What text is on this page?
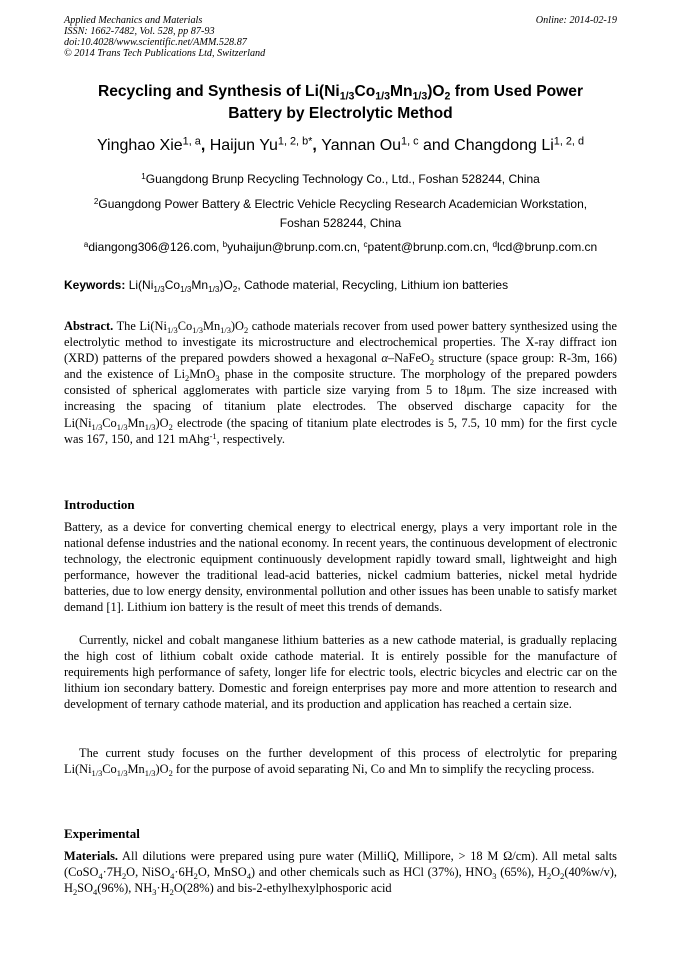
Applied Mechanics and Materials
ISSN: 1662-7482, Vol. 528, pp 87-93
doi:10.4028/www.scientific.net/AMM.528.87
© 2014 Trans Tech Publications Ltd, Switzerland
Online: 2014-02-19
Recycling and Synthesis of $Li(Ni_{1/3}Co_{1/3}Mn_{1/3})O_2$ from Used Power
Battery by Electrolytic Method
Yinghao Xie$^{1, a}$, Haijun $Yu^{1, 2, b*}$, Yannan Ou$^{1, c}$ and Changdong Li$^{1, 2, d}$
$^1$Guangdong Brunp Recycling Technology Co., Ltd., Foshan 528244, China
$^2$Guangdong Power Battery & Electric Vehicle Recycling Research Academician Workstation,
Foshan 528244, China
$^a$diangong306@126.com, $^b$yuhaijun@brunp.com.cn, $^c$patent@brunp.com.cn, $^d$lcd@brunp.com.cn
Keywords: $Li(Ni_{1/3}Co_{1/3}Mn_{1/3})O_2$, Cathode material, Recycling, Lithium ion batteries
Abstract. The $Li(Ni_{1/3}Co_{1/3}Mn_{1/3})O_2$ cathode materials recover from used power battery synthesized using the electrolytic method to investigate its microstructure and electrochemical properties. The X-ray diffract ion (XRD) patterns of the prepared powders showed a hexagonal α–NaFeO$_2$ structure (space group: R-3m, 166) and the existence of $Li_2MnO_3$ phase in the composite structure. The morphology of the prepared powders consisted of spherical agglomerates with particle size varying from 5 to 18μm. The size increased with increasing the spacing of titanium plate electrodes. The observed discharge capacity for the $Li(Ni_{1/3}Co_{1/3}Mn_{1/3})O_2$ electrode (the spacing of titanium plate electrodes is 5, 7.5, 10 mm) for the first cycle was 167, 150, and 121 mAhg$^{-1}$, respectively.
Introduction
Battery, as a device for converting chemical energy to electrical energy, plays a very important role in the national defense industries and the national economy. In recent years, the continuous development of electronic technology, the electronic equipment continuously development rapidly toward small, lightweight and high performance, however the traditional lead-acid batteries, nickel cadmium batteries, nickel metal hydride batteries, due to low energy density, environmental pollution and other issues has been unable to satisfy market demand [1]. Lithium ion battery is the result of meet this trends of demands.
Currently, nickel and cobalt manganese lithium batteries as a new cathode material, is gradually replacing the high cost of lithium cobalt oxide cathode material. It is entirely possible for the manufacture of requirements high performance of safety, longer life for electric tools, electric bicycles and electric car on the lithium ion secondary battery. Domestic and foreign enterprises pay more and more attention to research and development of ternary cathode material, and its production and application has reached a certain size.
The current study focuses on the further development of this process of electrolytic for preparing $Li(Ni_{1/3}Co_{1/3}Mn_{1/3})O_2$ for the purpose of avoid separating Ni, Co and Mn to simplify the recycling process.
Experimental
Materials. All dilutions were prepared using pure water (MilliQ, Millipore, > 18 M Ω/cm). All metal salts ($CoSO_4\cdot 7H_2O$, $NiSO_4\cdot 6H_2O$, MnSO$_4$) and other chemicals such as HCl (37%), $HNO_3$ (65%), $H_2O_2(40\%w/v)$, $H_2SO_4(96\%)$, $NH_3\cdot H_2O(28\%)$ and bis-2-ethylhexylphosporic acid
